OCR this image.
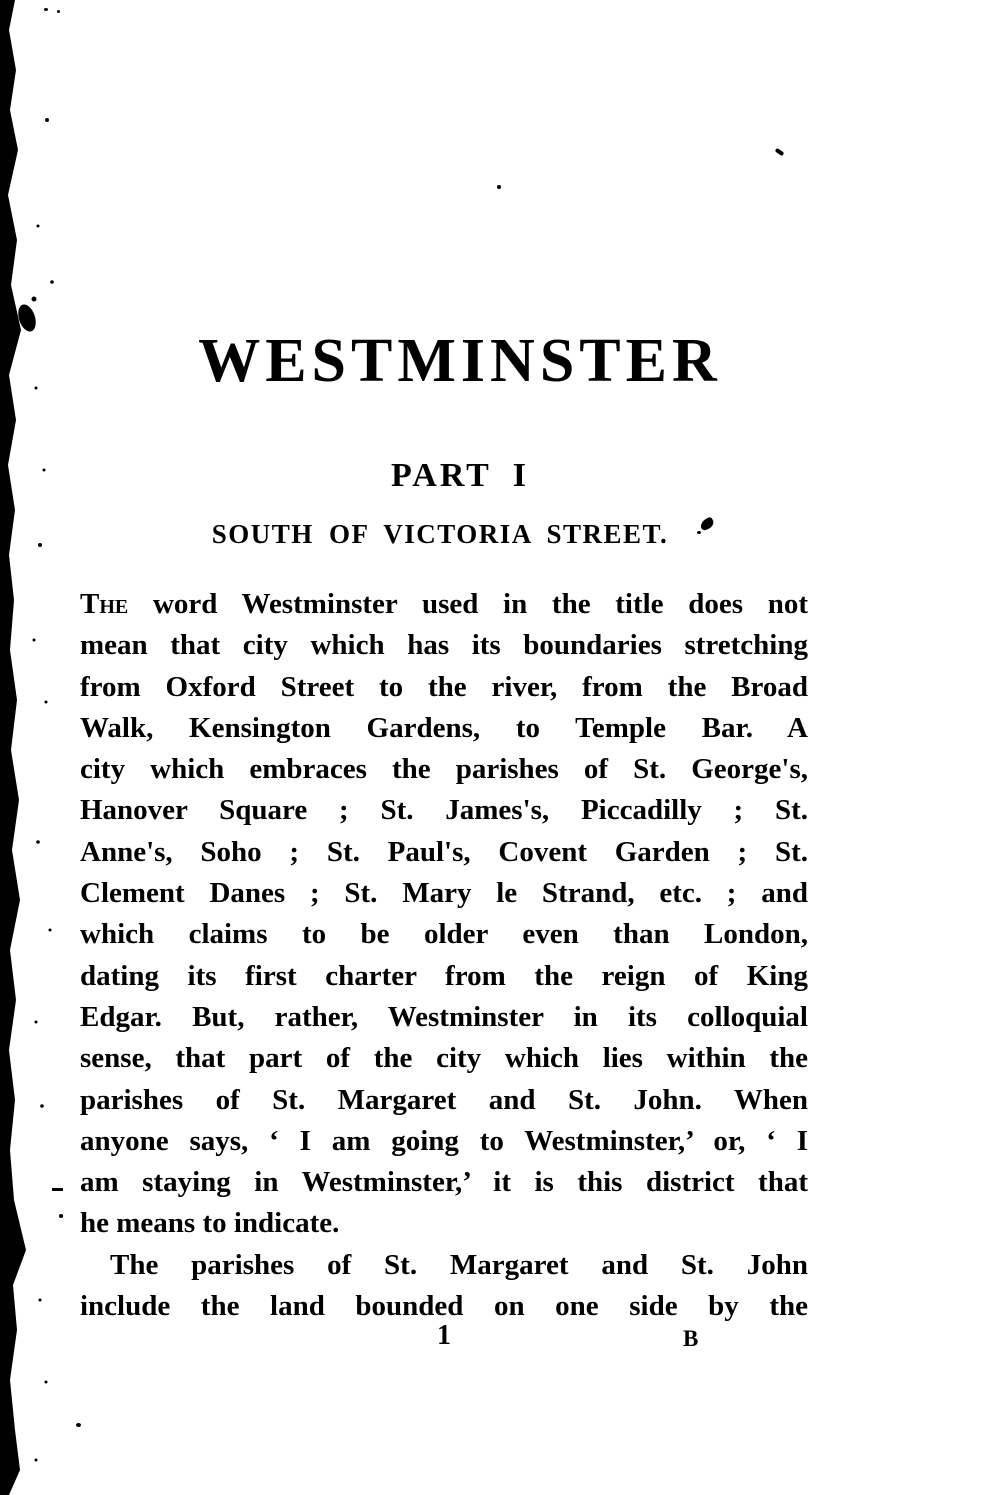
WESTMINSTER
PART I
SOUTH OF VICTORIA STREET.
The word Westminster used in the title does not
mean that city which has its boundaries stretching
from Oxford Street to the river, from the Broad
Walk, Kensington Gardens, to Temple Bar. A
city which embraces the parishes of St. George's,
Hanover Square ; St. James's, Piccadilly ; St.
Anne's, Soho ; St. Paul's, Covent Garden ; St.
Clement Danes ; St. Mary le Strand, etc. ; and
which claims to be older even than London,
dating its first charter from the reign of King
Edgar. But, rather, Westminster in its colloquial
sense, that part of the city which lies within the
parishes of St. Margaret and St. John. When
anyone says, ‘ I am going to Westminster,’ or, ‘ I
am staying in Westminster,’ it is this district that
he means to indicate.
The parishes of St. Margaret and St. John
include the land bounded on one side by the
1	B
